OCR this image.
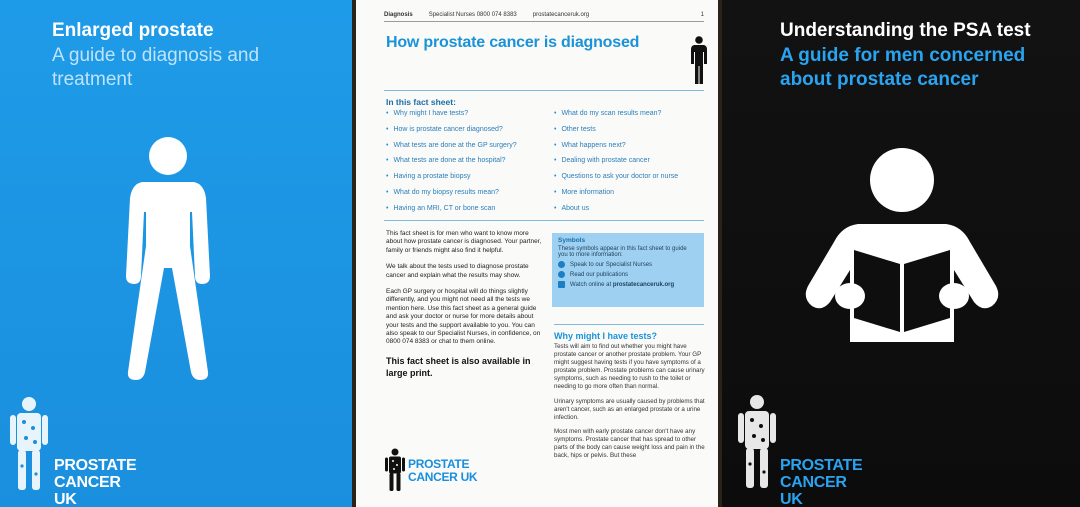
Enlarged prostate
A guide to diagnosis and treatment
PROSTATE CANCER UK
Diagnosis	Specialist Nurses 0800 074 8383	prostatecanceruk.org	1
How prostate cancer is diagnosed
In this fact sheet:
• Why might I have tests?
• How is prostate cancer diagnosed?
• What tests are done at the GP surgery?
• What tests are done at the hospital?
• Having a prostate biopsy
• What do my biopsy results mean?
• Having an MRI, CT or bone scan
• What do my scan results mean?
• Other tests
• What happens next?
• Dealing with prostate cancer
• Questions to ask your doctor or nurse
• More information
• About us

This fact sheet is for men who want to know more about how prostate cancer is diagnosed. Your partner, family or friends might also find it helpful.

We talk about the tests used to diagnose prostate cancer and explain what the results may show.

Each GP surgery or hospital will do things slightly differently, and you might not need all the tests we mention here. Use this fact sheet as a general guide and ask your doctor or nurse for more details about your tests and the support available to you. You can also speak to our Specialist Nurses, in confidence, on 0800 074 8383 or chat to them online.

This fact sheet is also available in large print.
Symbols
These symbols appear in this fact sheet to guide you to more information:
Speak to our Specialist Nurses
Read our publications
Watch online at
prostatecanceruk.org
Why might I have tests?

Tests will aim to find out whether you might have prostate cancer or another prostate problem. Your GP might suggest having tests if you have symptoms of a prostate problem. Prostate problems can cause urinary symptoms, such as needing to rush to the toilet or needing to go more often than normal.

Urinary symptoms are usually caused by problems that aren't cancer, such as an enlarged prostate or a urine infection.

Most men with early prostate cancer don't have any symptoms. Prostate cancer that has spread to other parts of the body can cause weight loss and pain in the back, hips or pelvis. But these

PROSTATE CANCER UK
Understanding the PSA test
A guide for men concerned about prostate cancer
PROSTATE CANCER UK
